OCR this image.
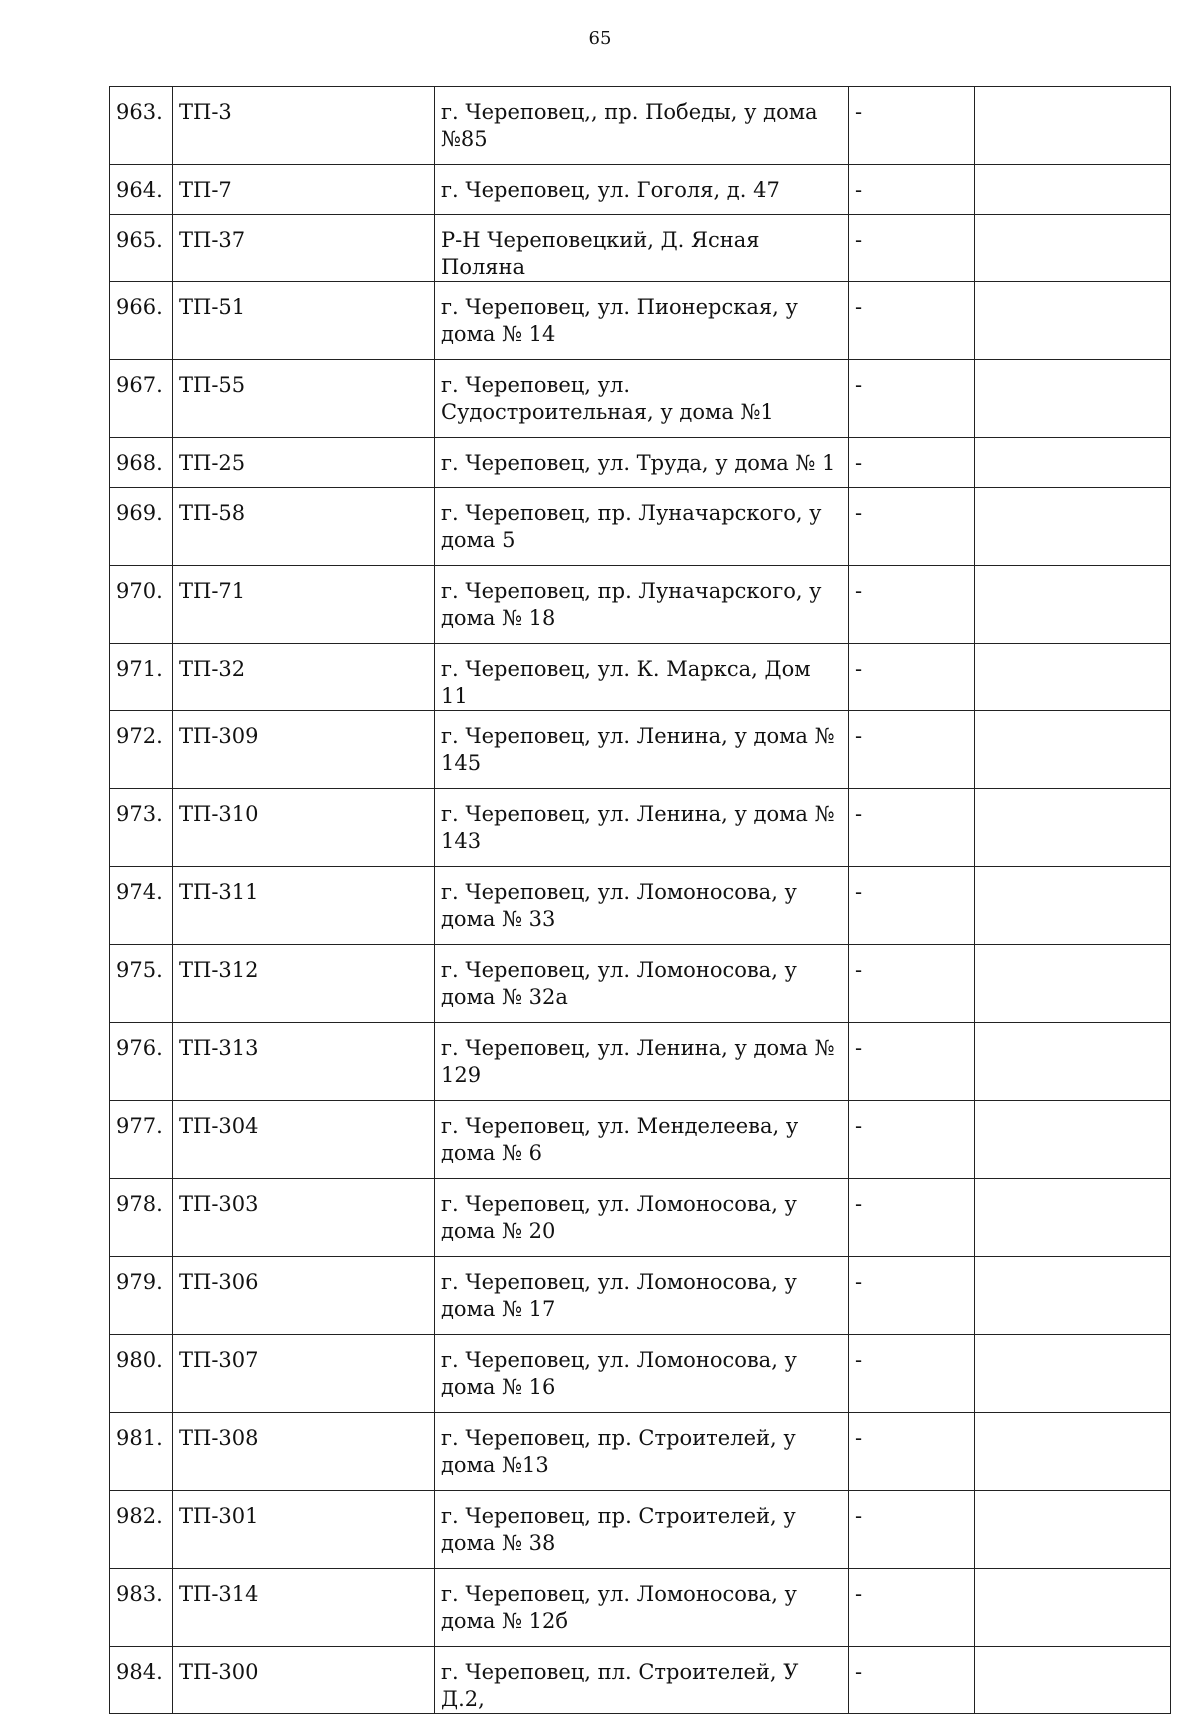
65
963.	ТП-3	г. Череповец,, пр. Победы, у дома №85	-	
964.	ТП-7	г. Череповец, ул. Гоголя, д. 47	-	
965.	ТП-37	Р-Н Череповецкий, Д. Ясная Поляна	-	
966.	ТП-51	г. Череповец, ул. Пионерская, у дома № 14	-	
967.	ТП-55	г. Череповец, ул. Судостроительная, у дома №1	-	
968.	ТП-25	г. Череповец, ул. Труда, у дома № 1	-	
969.	ТП-58	г. Череповец, пр. Луначарского, у дома 5	-	
970.	ТП-71	г. Череповец, пр. Луначарского, у дома № 18	-	
971.	ТП-32	г. Череповец, ул. К. Маркса, Дом 11	-	
972.	ТП-309	г. Череповец, ул. Ленина, у дома № 145	-	
973.	ТП-310	г. Череповец, ул. Ленина, у дома № 143	-	
974.	ТП-311	г. Череповец, ул. Ломоносова, у дома № 33	-	
975.	ТП-312	г. Череповец, ул. Ломоносова, у дома № 32а	-	
976.	ТП-313	г. Череповец, ул. Ленина, у дома № 129	-	
977.	ТП-304	г. Череповец, ул. Менделеева, у дома № 6	-	
978.	ТП-303	г. Череповец, ул. Ломоносова, у дома № 20	-	
979.	ТП-306	г. Череповец, ул. Ломоносова, у дома № 17	-	
980.	ТП-307	г. Череповец, ул. Ломоносова, у дома № 16	-	
981.	ТП-308	г. Череповец, пр. Строителей, у дома №13	-	
982.	ТП-301	г. Череповец, пр. Строителей, у дома № 38	-	
983.	ТП-314	г. Череповец, ул. Ломоносова, у дома № 12б	-	
984.	ТП-300	г. Череповец, пл. Строителей, У Д.2,	-	
